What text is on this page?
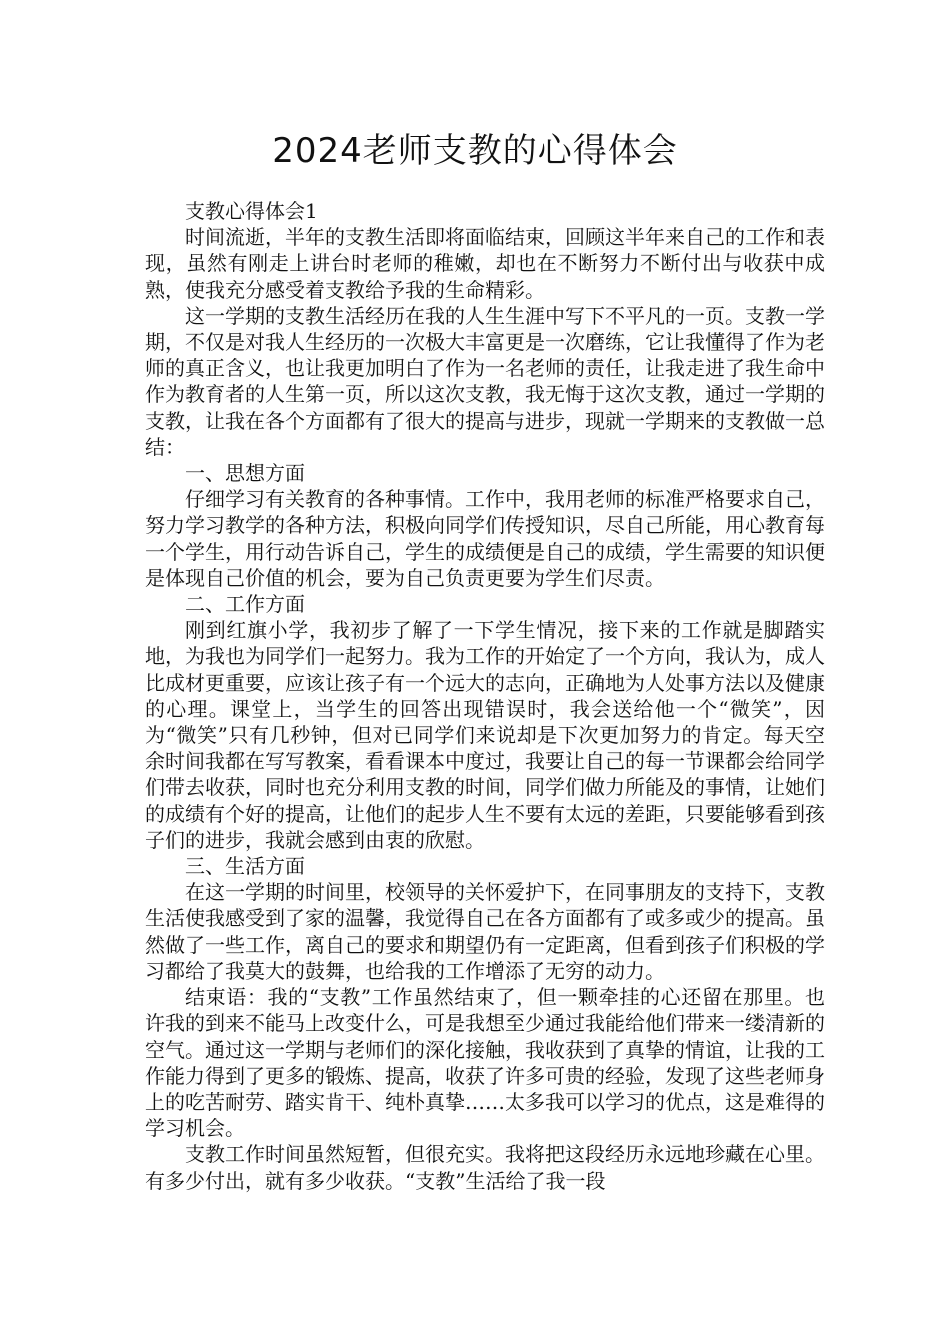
2024老师支教的心得体会

支教心得体会1

时间流逝，半年的支教生活即将面临结束，回顾这半年来自己的工作和表现，虽然有刚走上讲台时老师的稚嫩，却也在不断努力不断付出与收获中成熟，使我充分感受着支教给予我的生命精彩。

这一学期的支教生活经历在我的人生生涯中写下不平凡的一页。支教一学期，不仅是对我人生经历的一次极大丰富更是一次磨练，它让我懂得了作为老师的真正含义，也让我更加明白了作为一名老师的责任，让我走进了我生命中作为教育者的人生第一页，所以这次支教，我无悔于这次支教，通过一学期的支教，让我在各个方面都有了很大的提高与进步，现就一学期来的支教做一总结：

一、思想方面

仔细学习有关教育的各种事情。工作中，我用老师的标准严格要求自己，努力学习教学的各种方法，积极向同学们传授知识，尽自己所能，用心教育每一个学生，用行动告诉自己，学生的成绩便是自己的成绩，学生需要的知识便是体现自己价值的机会，要为自己负责更要为学生们尽责。

二、工作方面

刚到红旗小学，我初步了解了一下学生情况，接下来的工作就是脚踏实地，为我也为同学们一起努力。我为工作的开始定了一个方向，我认为，成人比成材更重要，应该让孩子有一个远大的志向，正确地为人处事方法以及健康的心理。课堂上，当学生的回答出现错误时，我会送给他一个“微笑”，因为“微笑”只有几秒钟，但对已同学们来说却是下次更加努力的肯定。每天空余时间我都在写写教案，看看课本中度过，我要让自己的每一节课都会给同学们带去收获，同时也充分利用支教的时间，同学们做力所能及的事情，让她们的成绩有个好的提高，让他们的起步人生不要有太远的差距，只要能够看到孩子们的进步，我就会感到由衷的欣慰。

三、生活方面

在这一学期的时间里，校领导的关怀爱护下，在同事朋友的支持下，支教生活使我感受到了家的温馨，我觉得自己在各方面都有了或多或少的提高。虽然做了一些工作，离自己的要求和期望仍有一定距离，但看到孩子们积极的学习都给了我莫大的鼓舞，也给我的工作增添了无穷的动力。

结束语：我的“支教”工作虽然结束了，但一颗牵挂的心还留在那里。也许我的到来不能马上改变什么，可是我想至少通过我能给他们带来一缕清新的空气。通过这一学期与老师们的深化接触，我收获到了真挚的情谊，让我的工作能力得到了更多的锻炼、提高，收获了许多可贵的经验，发现了这些老师身上的吃苦耐劳、踏实肯干、纯朴真挚……太多我可以学习的优点，这是难得的学习机会。

支教工作时间虽然短暂，但很充实。我将把这段经历永远地珍藏在心里。有多少付出，就有多少收获。“支教”生活给了我一段
